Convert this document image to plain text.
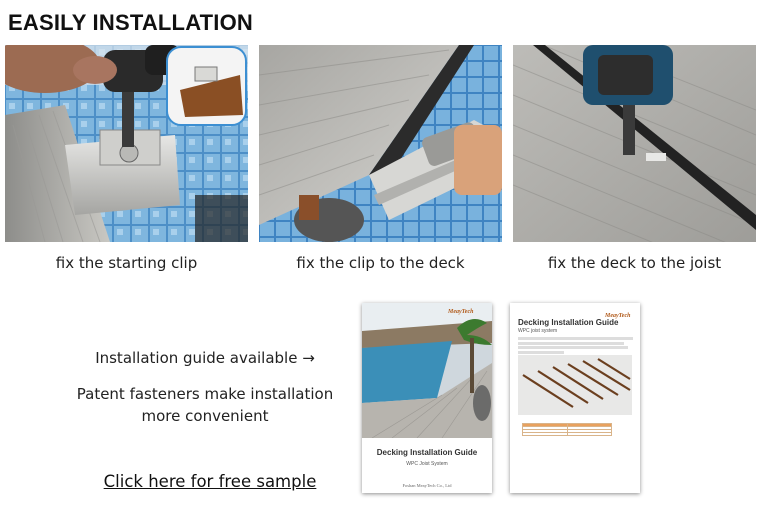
EASILY INSTALLATION
fix the starting clip	fix the clip to the deck	fix the deck to the joist
Installation guide available →
Patent fasteners make installation more convenient
Click here for free sample
MeayTech
Decking Installation Guide
WPC Joist System
Foshan MeayTech Co., Ltd
Decking Installation Guide
WPC joist system
MeayTech
